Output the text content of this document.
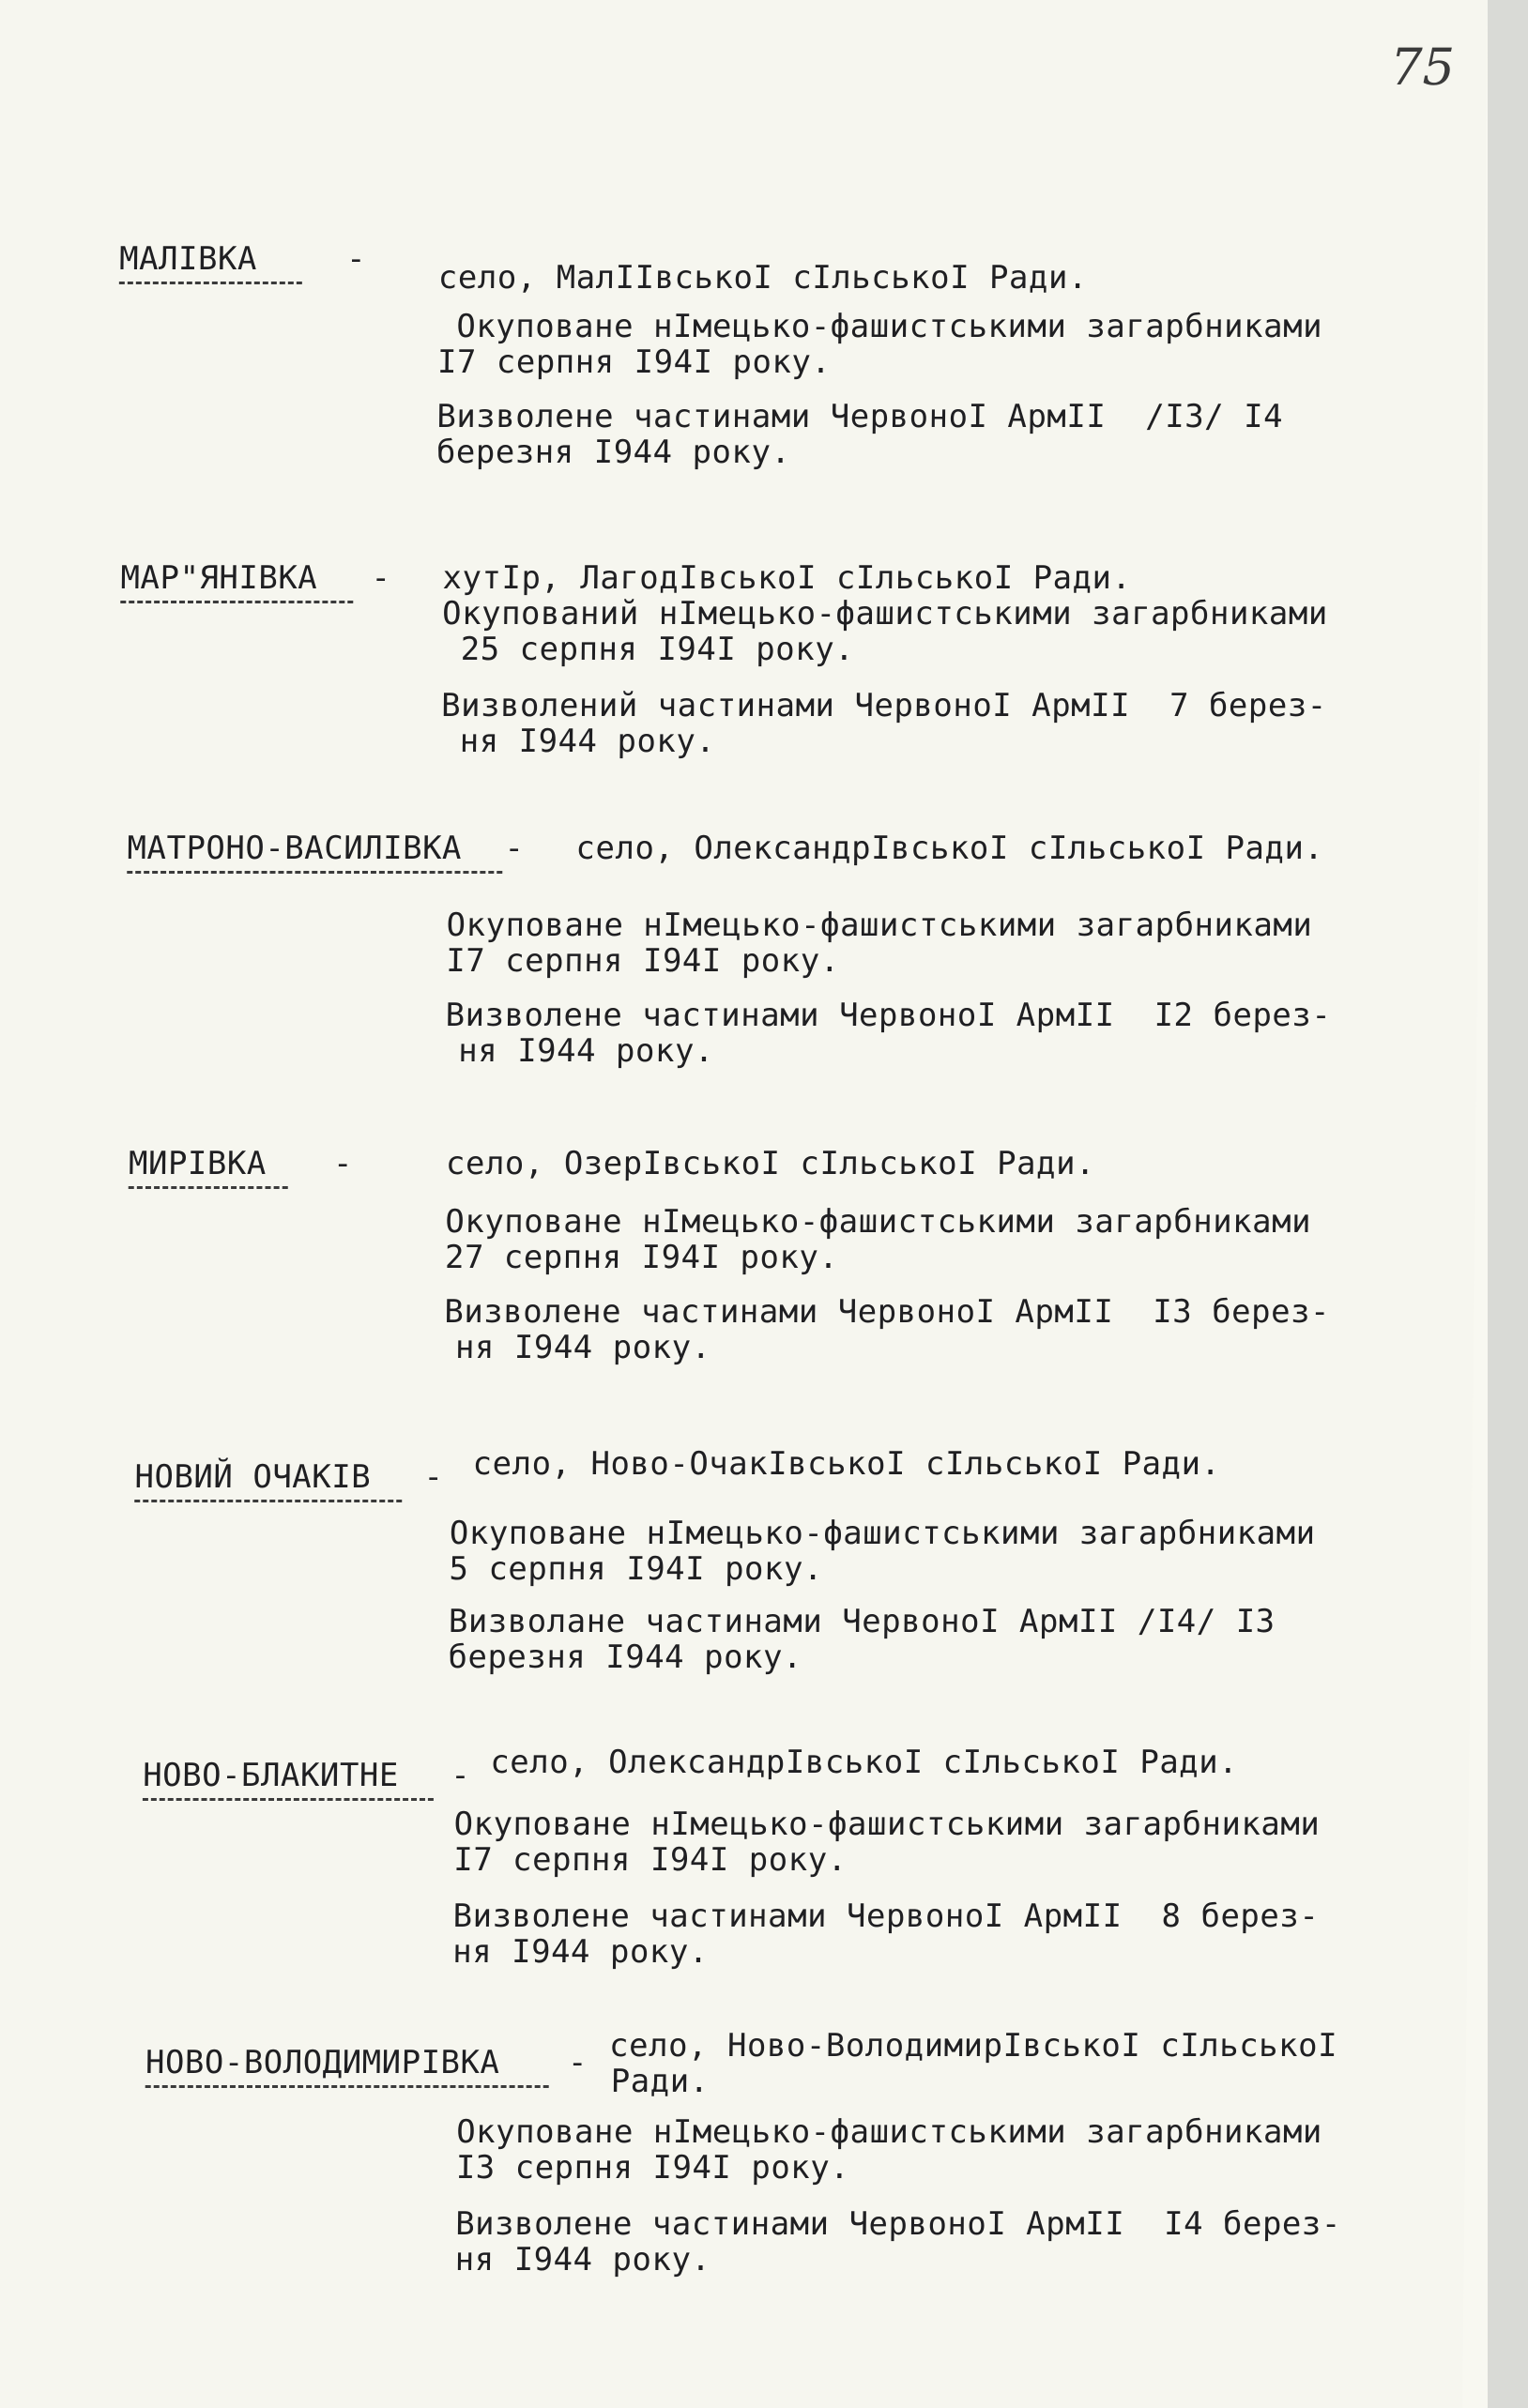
75
МАЛІВКА	- село, МалІІвськоІ сІльськоІ Ради.
Окуповане нІмецько-фашистськими загарбниками
І7 серпня І94І року.
Визволене частинами ЧервоноІ АрмІІ  /І3/ І4
березня І944 року.
МАР"ЯНІВКА - хутІр, ЛагодІвськоІ сІльськоІ Ради.
Окупований нІмецько-фашистськими загарбниками
25 серпня І94І року.
Визволений частинами ЧервоноІ АрмІІ  7 берез-
ня І944 року.
МАТРОНО-ВАСИЛІВКА - село, ОлександрІвськоІ сІльськоІ Ради.
Окуповане нІмецько-фашистськими загарбниками
І7 серпня І94І року.
Визволене частинами ЧервоноІ АрмІІ  І2 берез-
ня І944 року.
МИРІВКА -	село, ОзерІвськоІ сІльськоІ Ради.
Окуповане нІмецько-фашистськими загарбниками
27 серпня І94І року.
Визволене частинами ЧервоноІ АрмІІ  І3 берез-
ня І944 року.
НОВИЙ ОЧАКІВ - село, Ново-ОчакІвськоІ сІльськоІ Ради.
Окуповане нІмецько-фашистськими загарбниками
5 серпня І94І року.
Визволане частинами ЧервоноІ АрмІІ /І4/ І3
березня І944 року.
НОВО-БЛАКИТНЕ - село, ОлександрІвськоІ сІльськоІ Ради.
Окуповане нІмецько-фашистськими загарбниками
І7 серпня І94І року.
Визволене частинами ЧервоноІ АрмІІ  8 берез-
ня І944 року.
НОВО-ВОЛОДИМИРІВКА - село, Ново-ВолодимирІвськоІ сІльськоІ
Ради.
Окуповане нІмецько-фашистськими загарбниками
І3 серпня І94І року.
Визволене частинами ЧервоноІ АрмІІ  І4 берез-
ня І944 року.
